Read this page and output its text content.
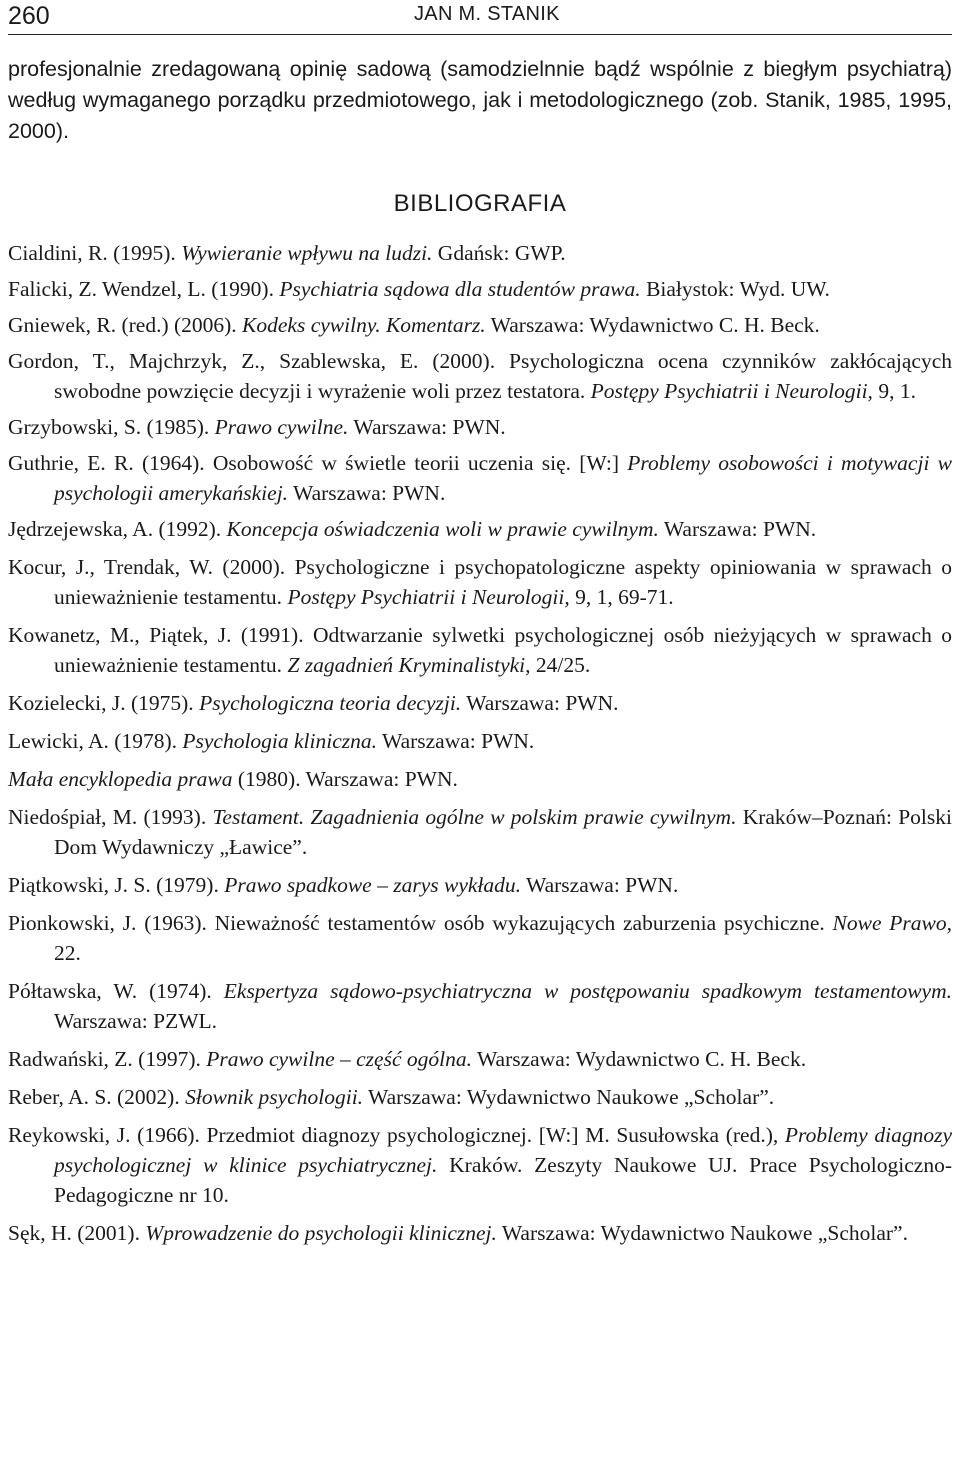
260	JAN M. STANIK
profesjonalnie zredagowaną opinię sadową (samodzielnnie bądź wspólnie z biegłym psychiatrą) według wymaganego porządku przedmiotowego, jak i metodologicznego (zob. Stanik, 1985, 1995, 2000).
BIBLIOGRAFIA
Cialdini, R. (1995). Wywieranie wpływu na ludzi. Gdańsk: GWP.
Falicki, Z. Wendzel, L. (1990). Psychiatria sądowa dla studentów prawa. Białystok: Wyd. UW.
Gniewek, R. (red.) (2006). Kodeks cywilny. Komentarz. Warszawa: Wydawnictwo C. H. Beck.
Gordon, T., Majchrzyk, Z., Szablewska, E. (2000). Psychologiczna ocena czynników zakłócających swobodne powzięcie decyzji i wyrażenie woli przez testatora. Postępy Psychiatrii i Neurologii, 9, 1.
Grzybowski, S. (1985). Prawo cywilne. Warszawa: PWN.
Guthrie, E. R. (1964). Osobowość w świetle teorii uczenia się. [W:] Problemy osobowości i motywacji w psychologii amerykańskiej. Warszawa: PWN.
Jędrzejewska, A. (1992). Koncepcja oświadczenia woli w prawie cywilnym. Warszawa: PWN.
Kocur, J., Trendak, W. (2000). Psychologiczne i psychopatologiczne aspekty opiniowania w sprawach o unieważnienie testamentu. Postępy Psychiatrii i Neurologii, 9, 1, 69-71.
Kowanetz, M., Piątek, J. (1991). Odtwarzanie sylwetki psychologicznej osób nieżyjących w sprawach o unieważnienie testamentu. Z zagadnień Kryminalistyki, 24/25.
Kozielecki, J. (1975). Psychologiczna teoria decyzji. Warszawa: PWN.
Lewicki, A. (1978). Psychologia kliniczna. Warszawa: PWN.
Mała encyklopedia prawa (1980). Warszawa: PWN.
Niedośpiał, M. (1993). Testament. Zagadnienia ogólne w polskim prawie cywilnym. Kraków–Poznań: Polski Dom Wydawniczy „Ławice”.
Piątkowski, J. S. (1979). Prawo spadkowe – zarys wykładu. Warszawa: PWN.
Pionkowski, J. (1963). Nieważność testamentów osób wykazujących zaburzenia psychiczne. Nowe Prawo, 22.
Półtawska, W. (1974). Ekspertyza sądowo-psychiatryczna w postępowaniu spadkowym testamentowym. Warszawa: PZWL.
Radwański, Z. (1997). Prawo cywilne – część ogólna. Warszawa: Wydawnictwo C. H. Beck.
Reber, A. S. (2002). Słownik psychologii. Warszawa: Wydawnictwo Naukowe „Scholar”.
Reykowski, J. (1966). Przedmiot diagnozy psychologicznej. [W:] M. Susułowska (red.), Problemy diagnozy psychologicznej w klinice psychiatrycznej. Kraków. Zeszyty Naukowe UJ. Prace Psychologiczno-Pedagogiczne nr 10.
Sęk, H. (2001). Wprowadzenie do psychologii klinicznej. Warszawa: Wydawnictwo Naukowe „Scholar”.
